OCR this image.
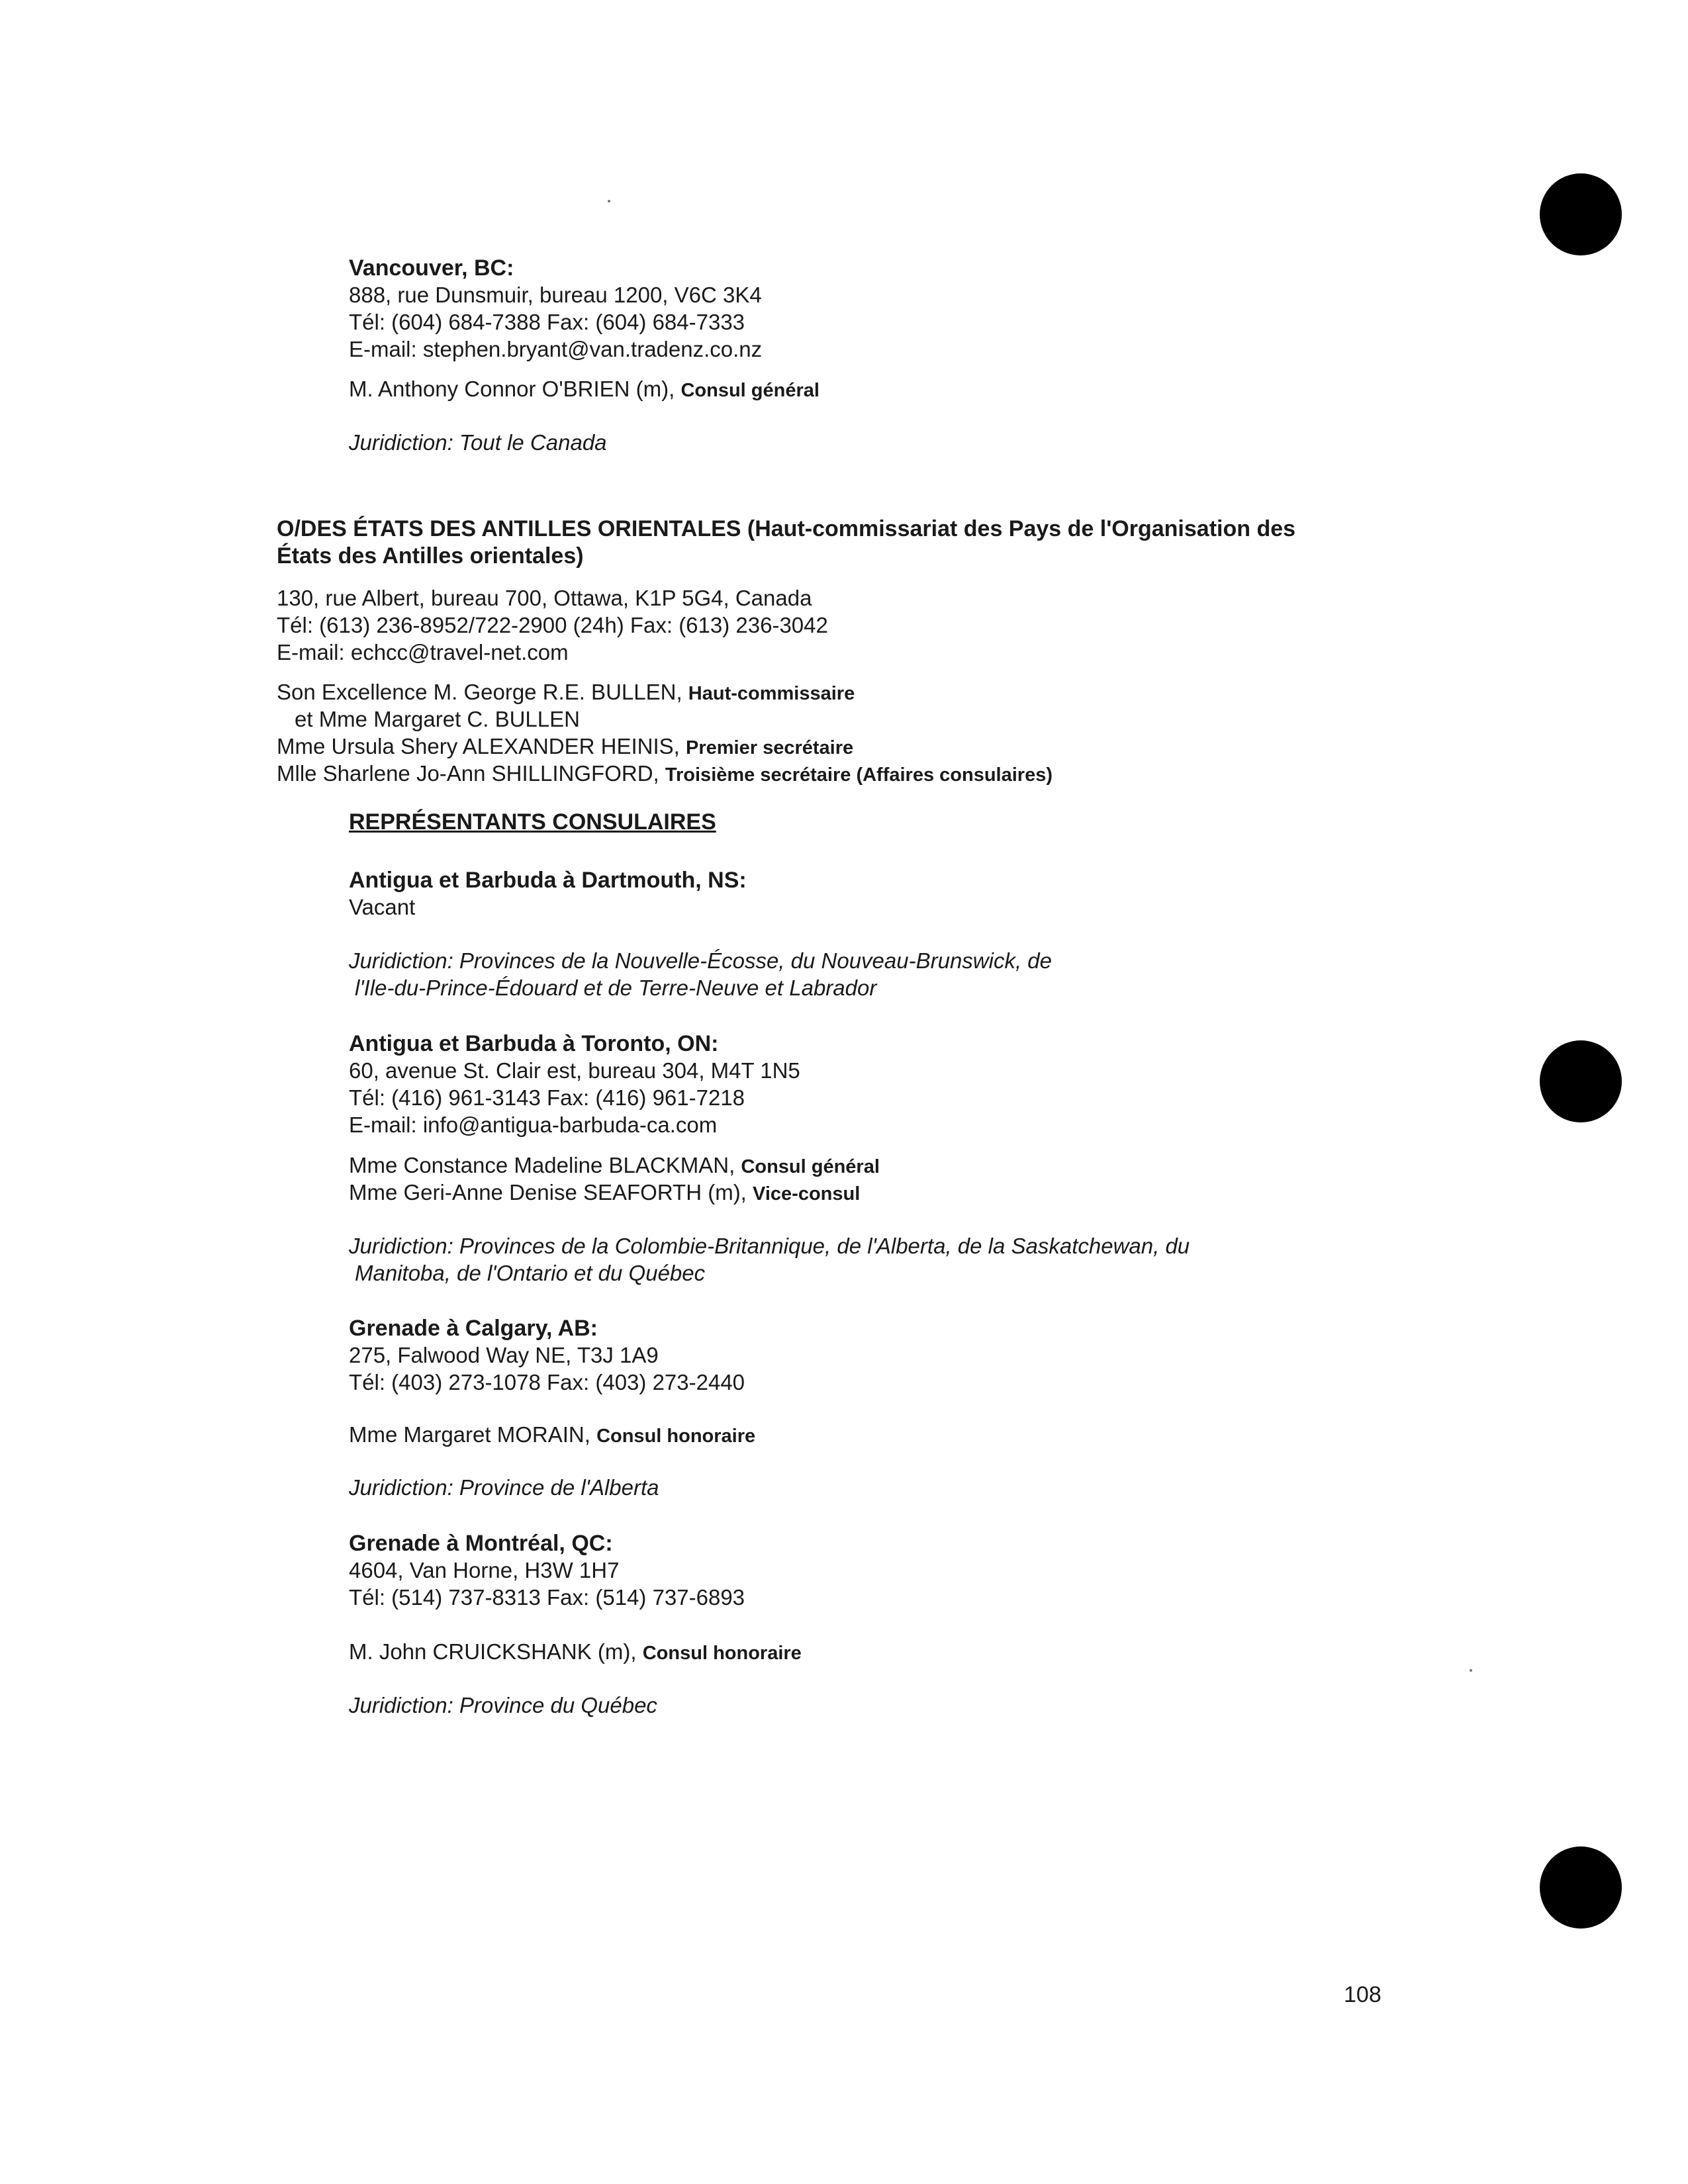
Vancouver, BC:
888, rue Dunsmuir, bureau 1200, V6C 3K4
Tél: (604) 684-7388 Fax: (604) 684-7333
E-mail: stephen.bryant@van.tradenz.co.nz
M. Anthony Connor O'BRIEN (m), Consul général
Juridiction: Tout le Canada
O/DES ÉTATS DES ANTILLES ORIENTALES (Haut-commissariat des Pays de l'Organisation des
États des Antilles orientales)
130, rue Albert, bureau 700, Ottawa, K1P 5G4, Canada
Tél: (613) 236-8952/722-2900 (24h) Fax: (613) 236-3042
E-mail: echcc@travel-net.com
Son Excellence M. George R.E. BULLEN, Haut-commissaire
et Mme Margaret C. BULLEN
Mme Ursula Shery ALEXANDER HEINIS, Premier secrétaire
Mlle Sharlene Jo-Ann SHILLINGFORD, Troisième secrétaire (Affaires consulaires)
REPRÉSENTANTS CONSULAIRES
Antigua et Barbuda à Dartmouth, NS:
Vacant
Juridiction: Provinces de la Nouvelle-Écosse, du Nouveau-Brunswick, de
l'Ile-du-Prince-Édouard et de Terre-Neuve et Labrador
Antigua et Barbuda à Toronto, ON:
60, avenue St. Clair est, bureau 304, M4T 1N5
Tél: (416) 961-3143 Fax: (416) 961-7218
E-mail: info@antigua-barbuda-ca.com
Mme Constance Madeline BLACKMAN, Consul général
Mme Geri-Anne Denise SEAFORTH (m), Vice-consul
Juridiction: Provinces de la Colombie-Britannique, de l'Alberta, de la Saskatchewan, du
Manitoba, de l'Ontario et du Québec
Grenade à Calgary, AB:
275, Falwood Way NE, T3J 1A9
Tél: (403) 273-1078 Fax: (403) 273-2440
Mme Margaret MORAIN, Consul honoraire
Juridiction: Province de l'Alberta
Grenade à Montréal, QC:
4604, Van Horne, H3W 1H7
Tél: (514) 737-8313 Fax: (514) 737-6893
M. John CRUICKSHANK (m), Consul honoraire
Juridiction: Province du Québec
108
